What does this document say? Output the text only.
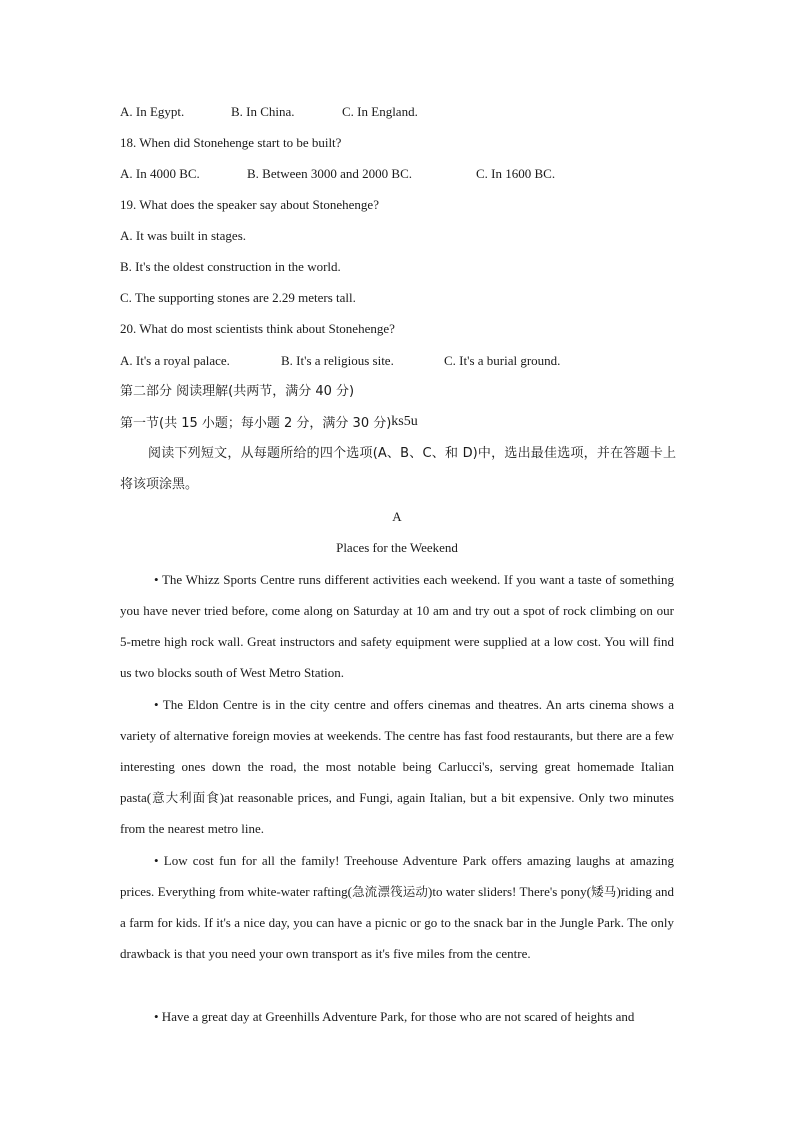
A. In Egypt.	B. In China.	C. In England.
18. When did Stonehenge start to be built?
A. In 4000 BC.	B. Between 3000 and 2000 BC.	C. In 1600 BC.
19. What does the speaker say about Stonehenge?
A. It was built in stages.
B. It's the oldest construction in the world.
C. The supporting stones are 2.29 meters tall.
20. What do most scientists think about Stonehenge?
A. It's a royal palace.	B. It's a religious site.	C. It's a burial ground.
第二部分 阅读理解(共两节，满分 40 分)
第一节(共 15 小题；每小题 2 分，满分 30 分)ks5u
阅读下列短文，从每题所给的四个选项(A、B、C、和 D)中，选出最佳选项，并在答题卡上将该项涂黑。
A
Places for the Weekend
• The Whizz Sports Centre runs different activities each weekend. If you want a taste of something you have never tried before, come along on Saturday at 10 am and try out a spot of rock climbing on our 5-metre high rock wall. Great instructors and safety equipment were supplied at a low cost. You will find us two blocks south of West Metro Station.
• The Eldon Centre is in the city centre and offers cinemas and theatres. An arts cinema shows a variety of alternative foreign movies at weekends. The centre has fast food restaurants, but there are a few interesting ones down the road, the most notable being Carlucci's, serving great homemade Italian pasta(意大利面食)at reasonable prices, and Fungi, again Italian, but a bit expensive. Only two minutes from the nearest metro line.
• Low cost fun for all the family! Treehouse Adventure Park offers amazing laughs at amazing prices. Everything from white-water rafting(急流漂筏运动)to water sliders! There's pony(矮马)riding and a farm for kids. If it's a nice day, you can have a picnic or go to the snack bar in the Jungle Park. The only drawback is that you need your own transport as it's five miles from the centre.
• Have a great day at Greenhills Adventure Park, for those who are not scared of heights and
